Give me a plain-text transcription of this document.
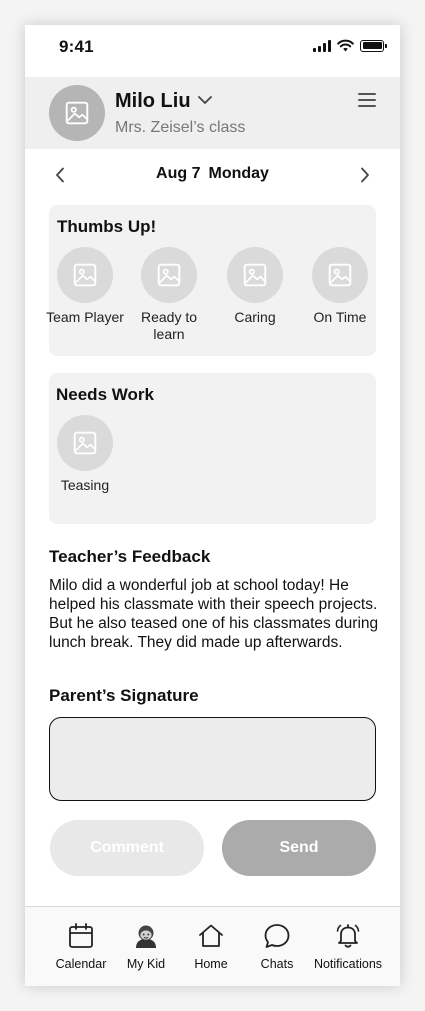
9:41
Milo Liu
Mrs. Zeisel’s class
Aug 7 Monday
Thumbs Up!
Team Player	Ready to learn
Caring	On Time
Needs Work
Teasing
Teacher’s Feedback
Milo did a wonderful job at school today! He helped his classmate with their speech projects. But he also teased one of his classmates during lunch break. They did made up afterwards.
Parent’s Signature
Comment	Send
Calendar	My Kid	Home	Chats	Notifications
